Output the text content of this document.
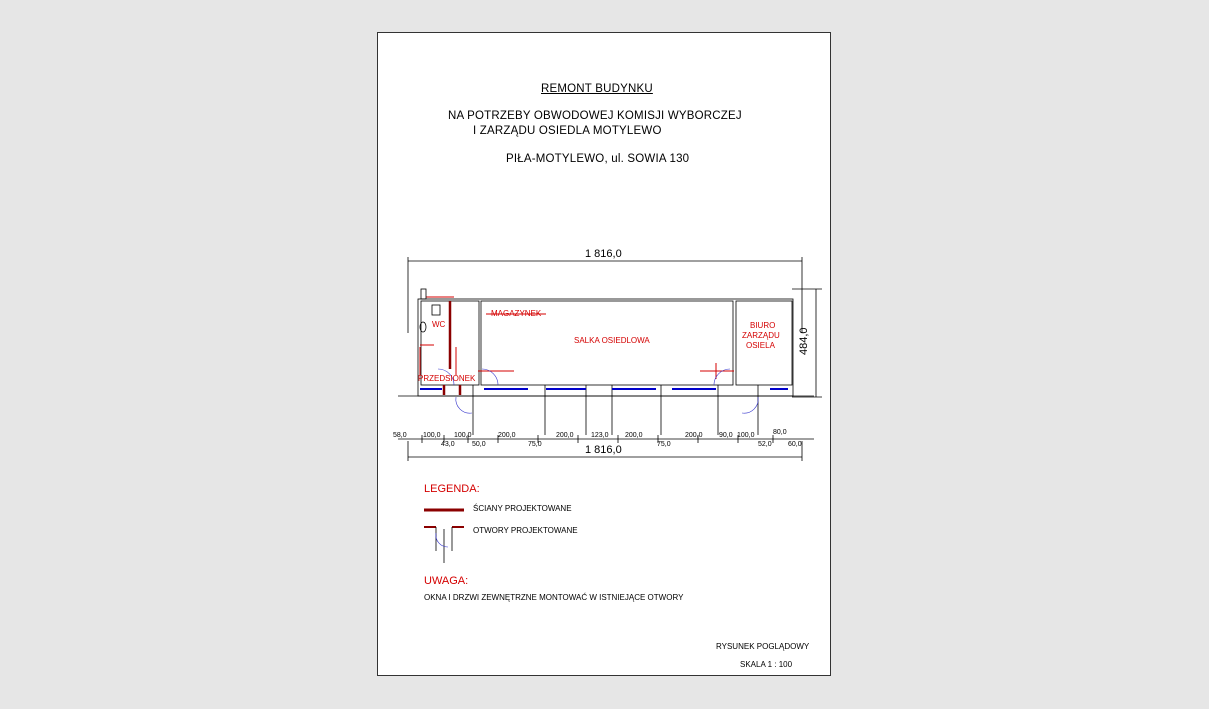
REMONT BUDYNKU
NA POTRZEBY OBWODOWEJ KOMISJI WYBORCZEJ
I ZARZĄDU OSIEDLA MOTYLEWO
PIŁA-MOTYLEWO, ul. SOWIA 130
1 816,0
1 816,0
484,0
WC
MAGAZYNEK
SALKA OSIEDLOWA
BIURO
ZARZĄDU
OSIELA
PRZEDSIONEK
58,0 100,0 100,0	200,0	200,0 123,0 200,0	200,0 90,0 100,0	80,0
43,0 50,0	75,0	75,0	52,0 60,0
LEGENDA:
ŚCIANY PROJEKTOWANE
OTWORY PROJEKTOWANE
UWAGA:
OKNA I DRZWI ZEWNĘTRZNE MONTOWAĆ W ISTNIEJĄCE OTWORY
RYSUNEK POGLĄDOWY
SKALA 1 : 100
